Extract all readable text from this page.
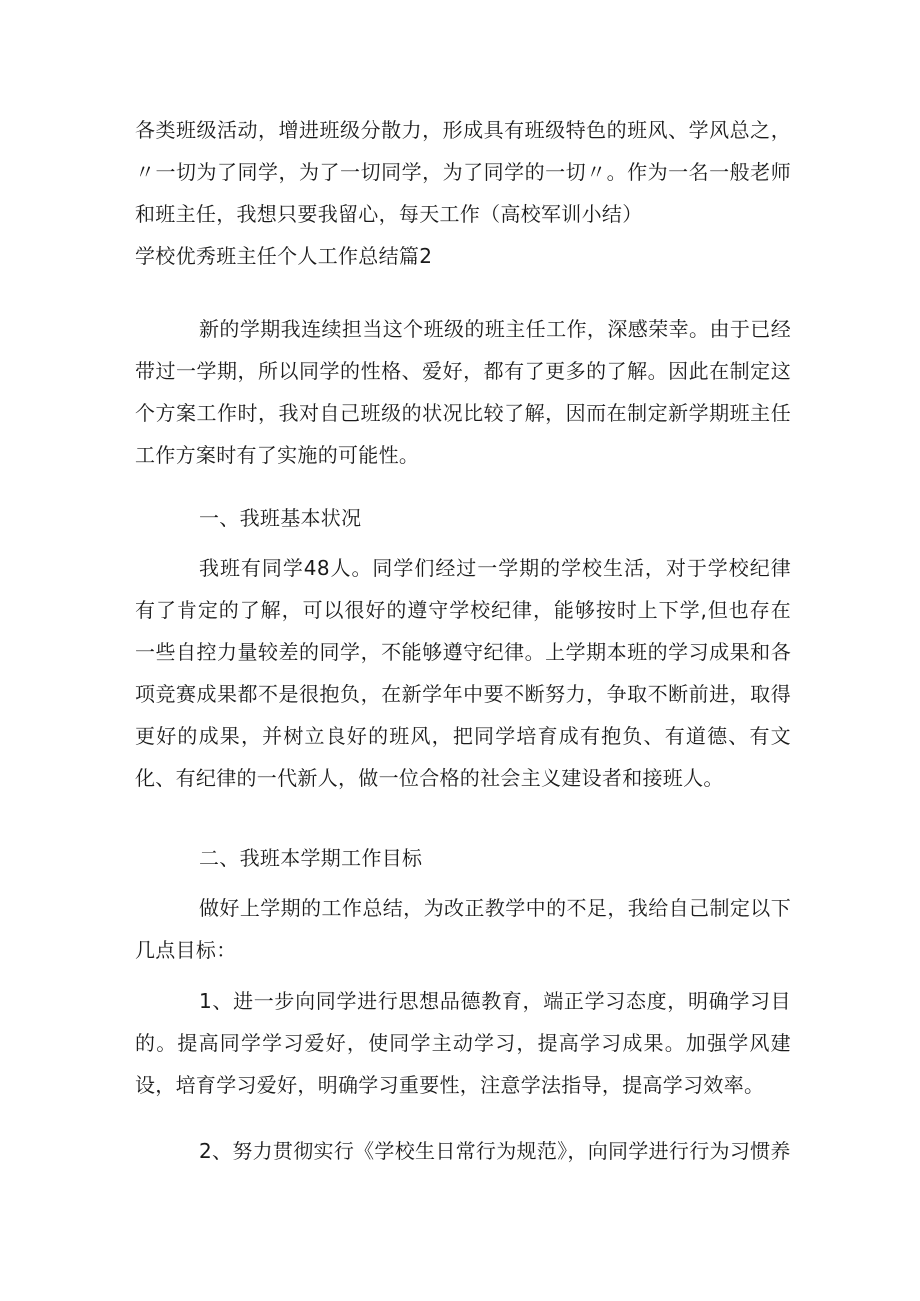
各类班级活动，增进班级分散力，形成具有班级特色的班风、学风总之，〃一切为了同学，为了一切同学，为了同学的一切〃。作为一名一般老师和班主任，我想只要我留心，每天工作（高校军训小结）

学校优秀班主任个人工作总结篇2

新的学期我连续担当这个班级的班主任工作，深感荣幸。由于已经带过一学期，所以同学的性格、爱好，都有了更多的了解。因此在制定这个方案工作时，我对自己班级的状况比较了解，因而在制定新学期班主任工作方案时有了实施的可能性。

一、我班基本状况

我班有同学48人。同学们经过一学期的学校生活，对于学校纪律有了肯定的了解，可以很好的遵守学校纪律，能够按时上下学,但也存在一些自控力量较差的同学，不能够遵守纪律。上学期本班的学习成果和各项竞赛成果都不是很抱负，在新学年中要不断努力，争取不断前进，取得更好的成果，并树立良好的班风，把同学培育成有抱负、有道德、有文化、有纪律的一代新人，做一位合格的社会主义建设者和接班人。

二、我班本学期工作目标

做好上学期的工作总结，为改正教学中的不足，我给自己制定以下几点目标：

1、进一步向同学进行思想品德教育，端正学习态度，明确学习目的。提高同学学习爱好，使同学主动学习，提高学习成果。加强学风建设，培育学习爱好，明确学习重要性，注意学法指导，提高学习效率。

2、努力贯彻实行《学校生日常行为规范》，向同学进行行为习惯养
